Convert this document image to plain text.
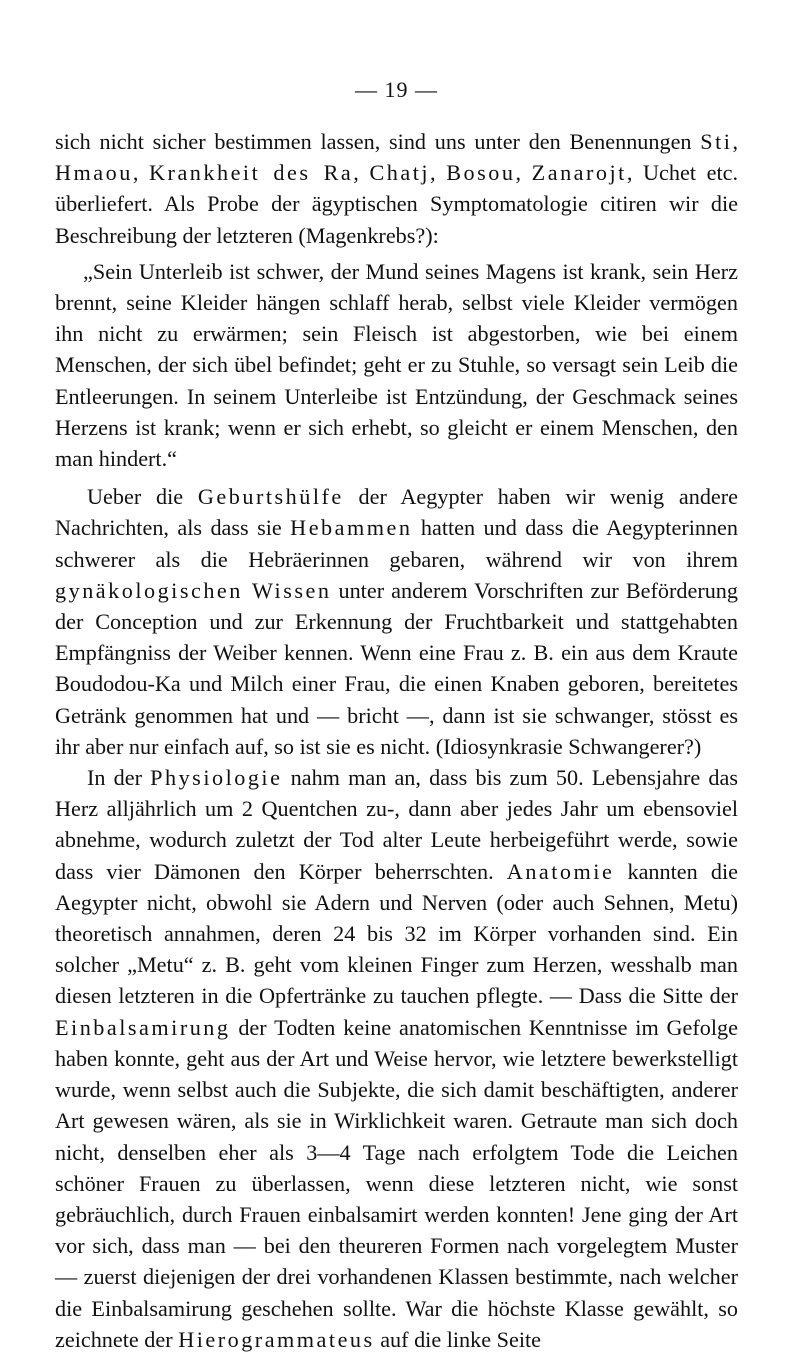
— 19 —

sich nicht sicher bestimmen lassen, sind uns unter den Benennungen Sti, Hmaou, Krankheit des Ra, Chatj, Bosou, Zanarojt, Uchet etc. überliefert. Als Probe der ägyptischen Symptomatologie citiren wir die Beschreibung der letzteren (Magenkrebs?):

„Sein Unterleib ist schwer, der Mund seines Magens ist krank, sein Herz brennt, seine Kleider hängen schlaff herab, selbst viele Kleider vermögen ihn nicht zu erwärmen; sein Fleisch ist abgestorben, wie bei einem Menschen, der sich übel befindet; geht er zu Stuhle, so versagt sein Leib die Entleerungen. In seinem Unterleibe ist Entzündung, der Geschmack seines Herzens ist krank; wenn er sich erhebt, so gleicht er einem Menschen, den man hindert.“

Ueber die Geburtshülfe der Aegypter haben wir wenig andere Nachrichten, als dass sie Hebammen hatten und dass die Aegypterinnen schwerer als die Hebräerinnen gebaren, während wir von ihrem gynäkologischen Wissen unter anderem Vorschriften zur Beförderung der Conception und zur Erkennung der Fruchtbarkeit und stattgehabten Empfängniss der Weiber kennen. Wenn eine Frau z. B. ein aus dem Kraute Boudodou-Ka und Milch einer Frau, die einen Knaben geboren, bereitetes Getränk genommen hat und — bricht —, dann ist sie schwanger, stösst es ihr aber nur einfach auf, so ist sie es nicht. (Idiosynkrasie Schwangerer?)

In der Physiologie nahm man an, dass bis zum 50. Lebensjahre das Herz alljährlich um 2 Quentchen zu-, dann aber jedes Jahr um ebensoviel abnehme, wodurch zuletzt der Tod alter Leute herbeigeführt werde, sowie dass vier Dämonen den Körper beherrschten. Anatomie kannten die Aegypter nicht, obwohl sie Adern und Nerven (oder auch Sehnen, Metu) theoretisch annahmen, deren 24 bis 32 im Körper vorhanden sind. Ein solcher „Metu“ z. B. geht vom kleinen Finger zum Herzen, wesshalb man diesen letzteren in die Opfertränke zu tauchen pflegte. — Dass die Sitte der Einbalsamirung der Todten keine anatomischen Kenntnisse im Gefolge haben konnte, geht aus der Art und Weise hervor, wie letztere bewerkstelligt wurde, wenn selbst auch die Subjekte, die sich damit beschäftigten, anderer Art gewesen wären, als sie in Wirklichkeit waren. Getraute man sich doch nicht, denselben eher als 3—4 Tage nach erfolgtem Tode die Leichen schöner Frauen zu überlassen, wenn diese letzteren nicht, wie sonst gebräuchlich, durch Frauen einbalsamirt werden konnten! Jene ging der Art vor sich, dass man — bei den theureren Formen nach vorgelegtem Muster — zuerst diejenigen der drei vorhandenen Klassen bestimmte, nach welcher die Einbalsamirung geschehen sollte. War die höchste Klasse gewählt, so zeichnete der Hierogrammateus auf die linke Seite
